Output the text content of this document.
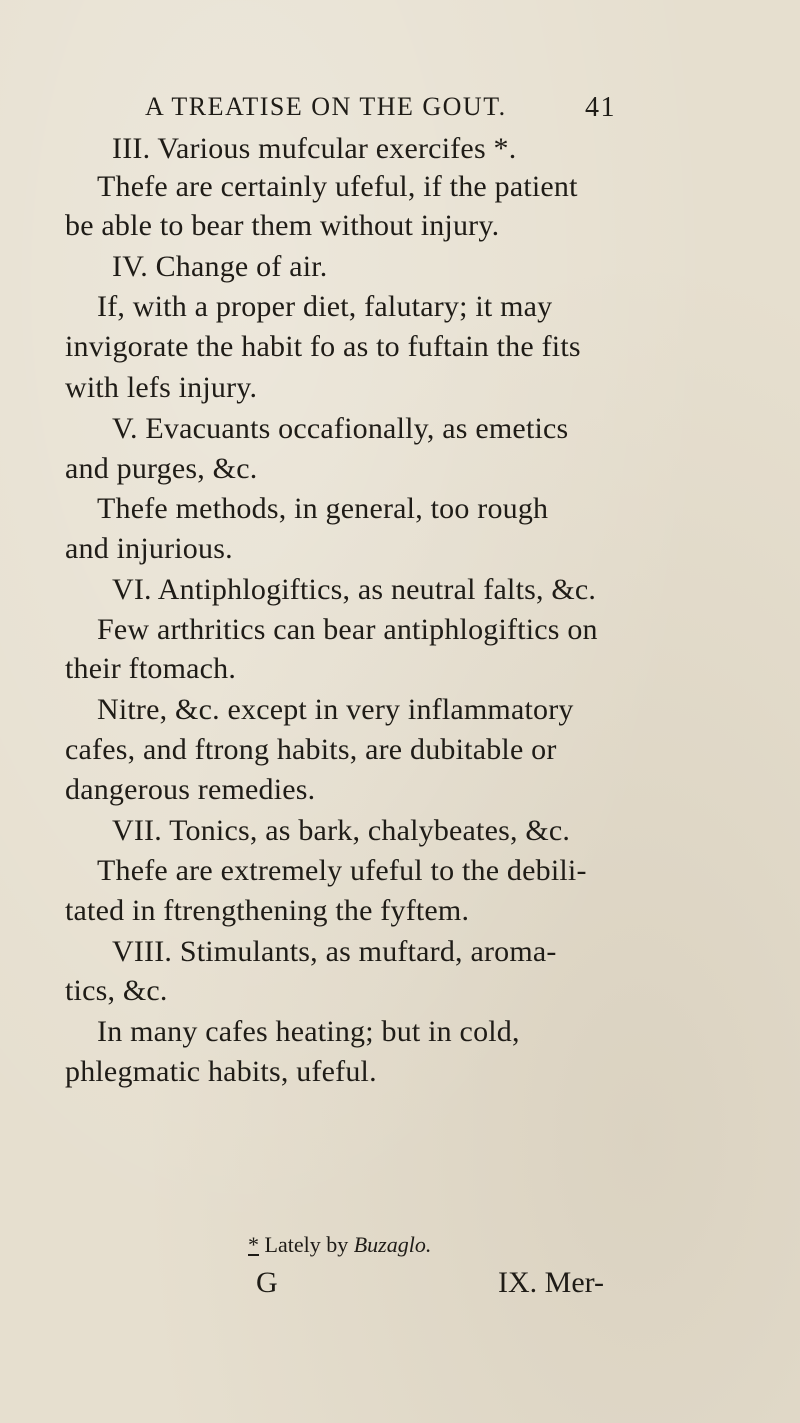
A TREATISE ON THE GOUT.	41
III. Various mufcular exercifes *.
Thefe are certainly ufeful, if the patient
be able to bear them without injury.
IV. Change of air.
If, with a proper diet, falutary; it may
invigorate the habit fo as to fuftain the fits
with lefs injury.
V. Evacuants occafionally, as emetics
and purges, &c.
Thefe methods, in general, too rough
and injurious.
VI. Antiphlogiftics, as neutral falts, &c.
Few arthritics can bear antiphlogiftics on
their ftomach.
Nitre, &c. except in very inflammatory
cafes, and ftrong habits, are dubitable or
dangerous remedies.
VII. Tonics, as bark, chalybeates, &c.
Thefe are extremely ufeful to the debili-
tated in ftrengthening the fyftem.
VIII. Stimulants, as muftard, aroma-
tics, &c.
In many cafes heating; but in cold,
phlegmatic habits, ufeful.
* Lately by Buzaglo.
G	IX. Mer-
